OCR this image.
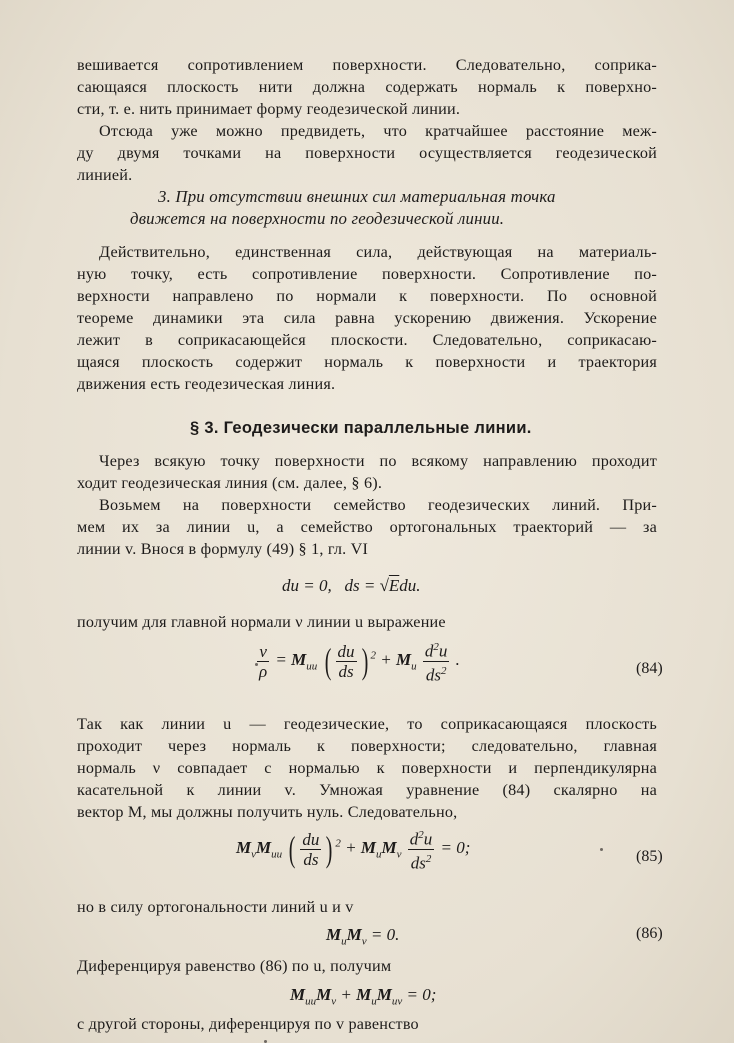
вешивается сопротивлением поверхности. Следовательно, соприка-
сающаяся плоскость нити должна содержать нормаль к поверхно-
сти, т. е. нить принимает форму геодезической линии.
Отсюда уже можно предвидеть, что кратчайшее расстояние меж-
ду двумя точками на поверхности осуществляется геодезической
линией.
3. При отсутствии внешних сил материальная точка
движется на поверхности по геодезической линии.
Действительно, единственная сила, действующая на материаль-
ную точку, есть сопротивление поверхности. Сопротивление по-
верхности направлено по нормали к поверхности. По основной
теореме динамики эта сила равна ускорению движения. Ускорение
лежит в соприкасающейся плоскости. Следовательно, соприкасаю-
щаяся плоскость содержит нормаль к поверхности и траектория
движения есть геодезическая линия.
§ 3. Геодезически параллельные линии.
Через всякую точку поверхности по всякому направлению проходит
ходит геодезическая линия (см. далее, § 6).
Возьмем на поверхности семейство геодезических линий. При-
мем их за линии u, а семейство ортогональных траекторий — за
линии v. Внося в формулу (49) § 1, гл. VI
du = 0,   ds = √Edu.
получим для главной нормали ν линии u выражение
$\frac{\nu}{\rho} = M_{uu}$ ( $\frac{du}{ds}$ ) $^2 + M_u \frac{d^2u}{ds^2}$ .	(84)
Так как линии u — геодезические, то соприкасающаяся плоскость
проходит через нормаль к поверхности; следовательно, главная
нормаль ν совпадает с нормалью к поверхности и перпендикулярна
касательной к линии v. Умножая уравнение (84) скалярно на
вектор M, мы должны получить нуль. Следовательно,
$M_vM_{uu}$ ( $\frac{du}{ds}$ ) $^2 + M_uM_v \frac{d^2u}{ds^2} = 0$;	(85)
но в силу ортогональности линий u и v
$M_uM_v = 0$.	(86)
Диференцируя равенство (86) по u, получим
$M_{uu}M_v + M_uM_{uv} = 0$;
с другой стороны, диференцируя по v равенство
